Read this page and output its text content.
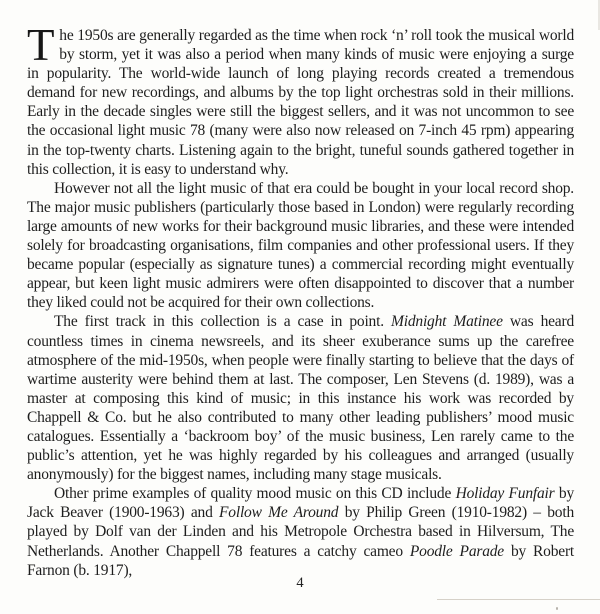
The 1950s are generally regarded as the time when rock ‘n’ roll took the musical world by storm, yet it was also a period when many kinds of music were enjoying a surge in popularity. The world-wide launch of long playing records created a tremendous demand for new recordings, and albums by the top light orchestras sold in their millions. Early in the decade singles were still the biggest sellers, and it was not uncommon to see the occasional light music 78 (many were also now released on 7-inch 45 rpm) appearing in the top-twenty charts. Listening again to the bright, tuneful sounds gathered together in this collection, it is easy to understand why.

However not all the light music of that era could be bought in your local record shop. The major music publishers (particularly those based in London) were regularly recording large amounts of new works for their background music libraries, and these were intended solely for broadcasting organisations, film companies and other professional users. If they became popular (especially as signature tunes) a commercial recording might eventually appear, but keen light music admirers were often disappointed to discover that a number they liked could not be acquired for their own collections.

The first track in this collection is a case in point. Midnight Matinee was heard countless times in cinema newsreels, and its sheer exuberance sums up the carefree atmosphere of the mid-1950s, when people were finally starting to believe that the days of wartime austerity were behind them at last. The composer, Len Stevens (d. 1989), was a master at composing this kind of music; in this instance his work was recorded by Chappell & Co. but he also contributed to many other leading publishers’ mood music catalogues. Essentially a ‘backroom boy’ of the music business, Len rarely came to the public’s attention, yet he was highly regarded by his colleagues and arranged (usually anonymously) for the biggest names, including many stage musicals.

Other prime examples of quality mood music on this CD include Holiday Funfair by Jack Beaver (1900-1963) and Follow Me Around by Philip Green (1910-1982) – both played by Dolf van der Linden and his Metropole Orchestra based in Hilversum, The Netherlands. Another Chappell 78 features a catchy cameo Poodle Parade by Robert Farnon (b. 1917),

4
